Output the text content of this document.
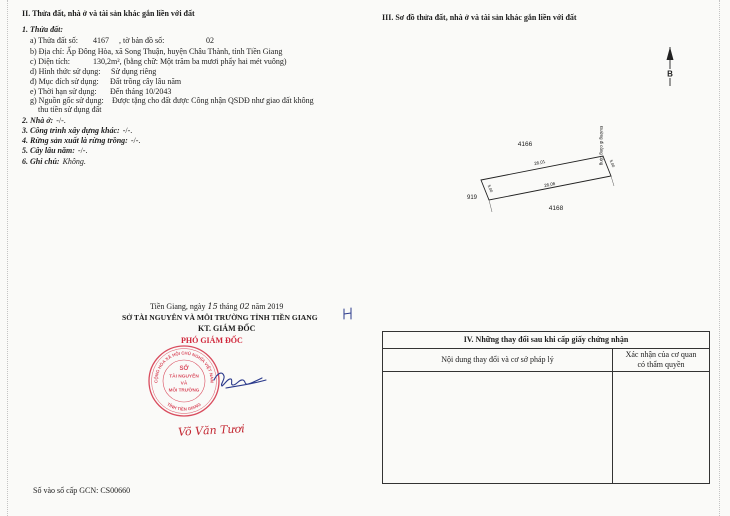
II. Thửa đất, nhà ở và tài sản khác gắn liền với đất
1. Thửa đất:
a) Thửa đất số: 4167 , tờ bản đồ số:	02
b) Địa chỉ: Ấp Đông Hòa, xã Song Thuận, huyện Châu Thành, tỉnh Tiền Giang
c) Diện tích:	130,2m², (bằng chữ: Một trăm ba mươi phẩy hai mét vuông)
d) Hình thức sử dụng: Sử dụng riêng
đ) Mục đích sử dụng: Đất trồng cây lâu năm
e) Thời hạn sử dụng: Đến tháng 10/2043
g) Nguồn gốc sử dụng: Được tặng cho đất được Công nhận QSDĐ như giao đất không
thu tiền sử dụng đất
2. Nhà ở: -/-.
3. Công trình xây dựng khác: -/-.
4. Rừng sản xuất là rừng trồng: -/-.
5. Cây lâu năm: -/-.
6. Ghi chú: Không.
Tiền Giang, ngày 15 tháng 02 năm 2019
SỞ TÀI NGUYÊN VÀ MÔI TRƯỜNG TỈNH TIỀN GIANG
KT. GIÁM ĐỐC
PHÓ GIÁM ĐỐC
CỘNG HÒA XÃ HỘI CHỦ NGHĨA VIỆT NAM
TỈNH TIỀN GIANG
SỞ
TÀI NGUYÊN
VÀ
MÔI TRƯỜNG
Võ Văn Tươi
Số vào sổ cấp GCN: CS00660
III. Sơ đồ thửa đất, nhà ở và tài sản khác gắn liền với đất
B
4166
4168
919
26,01
26,06
5,00
5,00
Đường đi công cộng
IV. Những thay đổi sau khi cấp giấy chứng nhận
Nội dung thay đổi và cơ sở pháp lý
Xác nhận của cơ quan
có thẩm quyền
